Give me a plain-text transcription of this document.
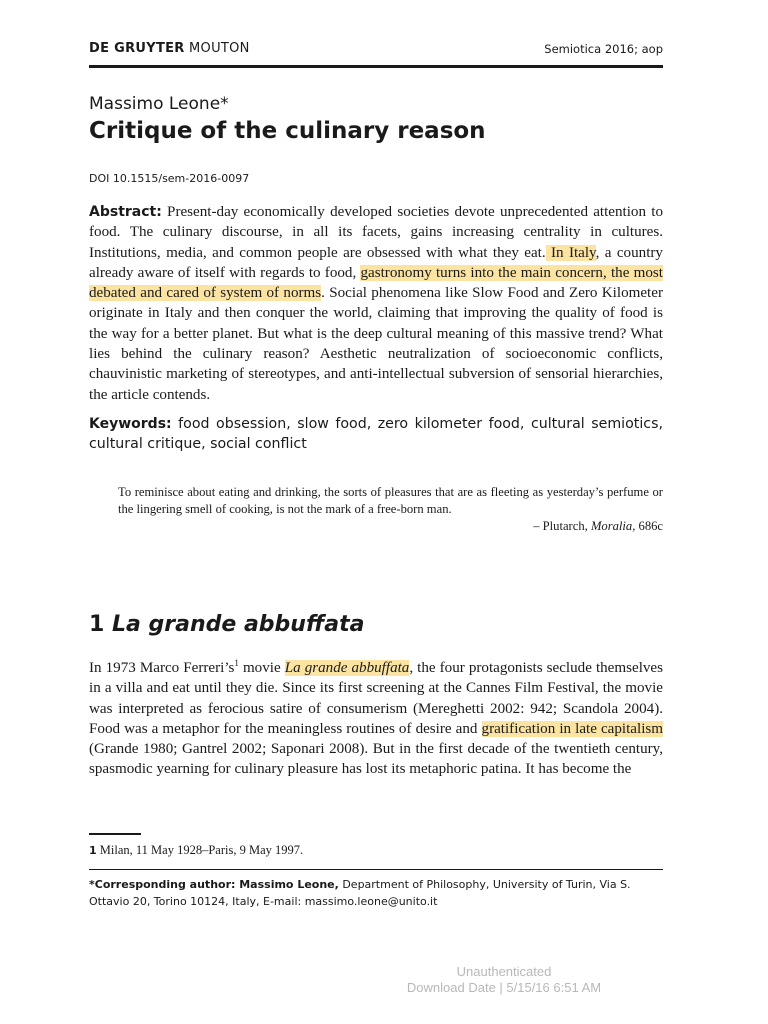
DE GRUYTER MOUTON	Semiotica 2016; aop
Massimo Leone*
Critique of the culinary reason
DOI 10.1515/sem-2016-0097

Abstract: Present-day economically developed societies devote unprecedented attention to food. The culinary discourse, in all its facets, gains increasing centrality in cultures. Institutions, media, and common people are obsessed with what they eat. In Italy, a country already aware of itself with regards to food, gastronomy turns into the main concern, the most debated and cared of system of norms. Social phenomena like Slow Food and Zero Kilometer originate in Italy and then conquer the world, claiming that improving the quality of food is the way for a better planet. But what is the deep cultural meaning of this massive trend? What lies behind the culinary reason? Aesthetic neutralization of socioeconomic conflicts, chauvinistic marketing of stereotypes, and anti-intellectual subversion of sensorial hierarchies, the article contends.

Keywords: food obsession, slow food, zero kilometer food, cultural semiotics, cultural critique, social conflict

To reminisce about eating and drinking, the sorts of pleasures that are as fleeting as yesterday’s perfume or the lingering smell of cooking, is not the mark of a free-born man.

– Plutarch, Moralia, 686c
1 La grande abbuffata

In 1973 Marco $Ferreri’s^1$ movie La grande abbuffata, the four protagonists seclude themselves in a villa and eat until they die. Since its first screening at the Cannes Film Festival, the movie was interpreted as ferocious satire of consumerism (Mereghetti 2002: 942; Scandola 2004). Food was a metaphor for the meaningless routines of desire and gratification in late capitalism (Grande 1980; Gantrel 2002; Saponari 2008). But in the first decade of the twentieth century, spasmodic yearning for culinary pleasure has lost its metaphoric patina. It has become the

1 Milan, 11 May 1928–Paris, 9 May 1997.

*Corresponding author: Massimo Leone, Department of Philosophy, University of Turin, Via S. Ottavio 20, Torino 10124, Italy, E-mail: massimo.leone@unito.it

Unauthenticated
Download Date | 5/15/16 6:51 AM
